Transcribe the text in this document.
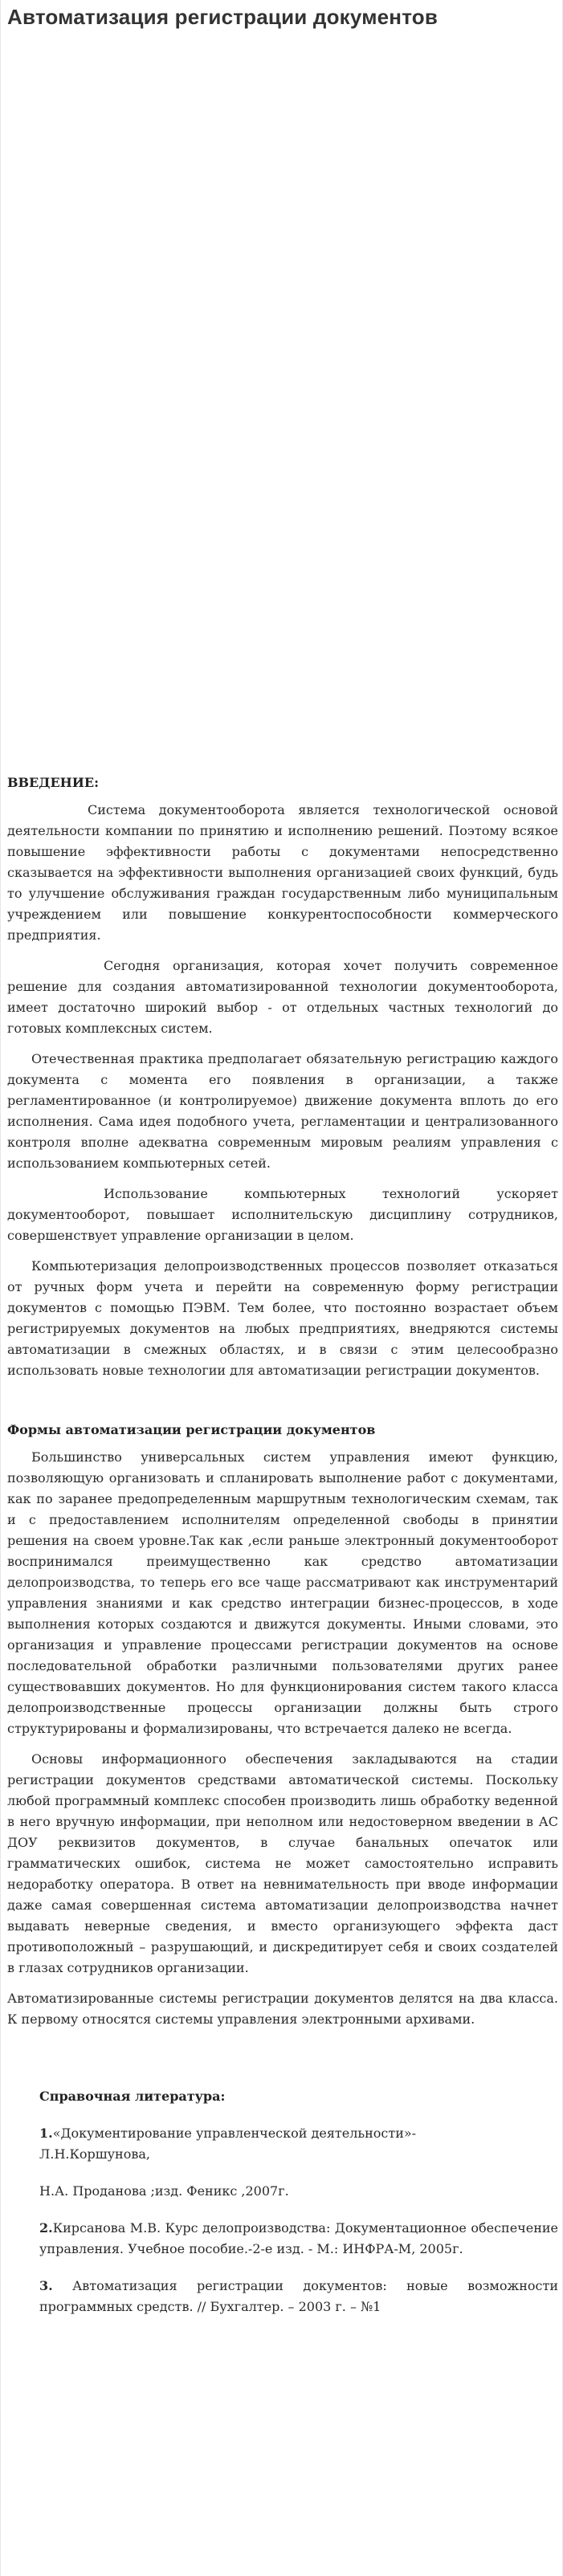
Автоматизация регистрации документов
ВВЕДЕНИЕ:

Система документооборота является технологической основой деятельности компании по принятию и исполнению решений. Поэтому всякое повышение эффективности работы с документами непосредственно сказывается на эффективности выполнения организацией своих функций, будь то улучшение обслуживания граждан государственным либо муниципальным учреждением или повышение конкурентоспособности коммерческого предприятия.

Сегодня организация, которая хочет получить современное решение для создания автоматизированной технологии документооборота, имеет достаточно широкий выбор - от отдельных частных технологий до готовых комплексных систем.

Отечественная практика предполагает обязательную регистрацию каждого документа с момента его появления в организации, а также регламентированное (и контролируемое) движение документа вплоть до его исполнения. Сама идея подобного учета, регламентации и централизованного контроля вполне адекватна современным мировым реалиям управления с использованием компьютерных сетей.

Использование компьютерных технологий ускоряет документооборот, повышает исполнительскую дисциплину сотрудников, совершенствует управление организации в целом.

Компьютеризация делопроизводственных процессов позволяет отказаться от ручных форм учета и перейти на современную форму регистрации документов с помощью ПЭВМ. Тем более, что постоянно возрастает объем регистрируемых документов на любых предприятиях, внедряются системы автоматизации в смежных областях, и в связи с этим целесообразно использовать новые технологии для автоматизации регистрации документов.

Формы автоматизации регистрации документов

Большинство универсальных систем управления имеют функцию, позволяющую организовать и спланировать выполнение работ с документами, как по заранее предопределенным маршрутным технологическим схемам, так и с предоставлением исполнителям определенной свободы в принятии решения на своем уровне.Так как ,если раньше электронный документооборот воспринимался преимущественно как средство автоматизации делопроизводства, то теперь его все чаще рассматривают как инструментарий управления знаниями и как средство интеграции бизнес-процессов, в ходе выполнения которых создаются и движутся документы. Иными словами, это организация и управление процессами регистрации документов на основе последовательной обработки различными пользователями других ранее существовавших документов. Но для функционирования систем такого класса делопроизводственные процессы организации должны быть строго структурированы и формализированы, что встречается далеко не всегда.

Основы информационного обеспечения закладываются на стадии регистрации документов средствами автоматической системы. Поскольку любой программный комплекс способен производить лишь обработку веденной в него вручную информации, при неполном или недостоверном введении в АС ДОУ реквизитов документов, в случае банальных опечаток или грамматических ошибок, система не может самостоятельно исправить недоработку оператора. В ответ на невнимательность при вводе информации даже самая совершенная система автоматизации делопроизводства начнет выдавать неверные сведения, и вместо организующего эффекта даст противоположный – разрушающий, и дискредитирует себя и своих создателей в глазах сотрудников организации.

Автоматизированные системы регистрации документов делятся на два класса. К первому относятся системы управления электронными архивами.

Справочная литература:
1.«Документирование управленческой деятельности»-
Л.Н.Коршунова,
Н.А. Проданова ;изд. Феникс ,2007г.
2.Кирсанова М.В. Курс делопроизводства: Документационное обеспечение управления. Учебное пособие.-2-е изд. - М.: ИНФРА-М, 2005г.
3. Автоматизация регистрации документов: новые возможности программных средств. // Бухгалтер. – 2003 г. – №1
